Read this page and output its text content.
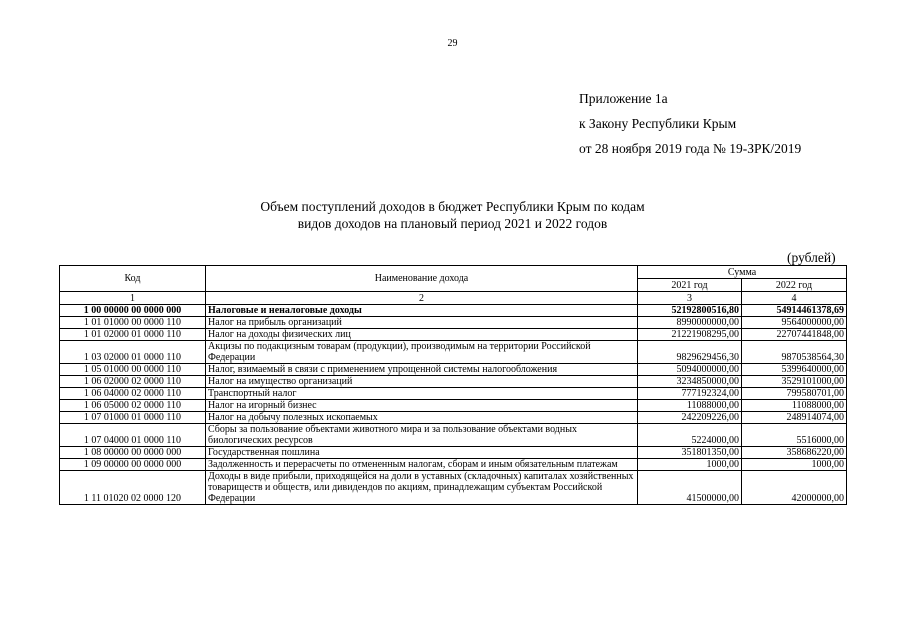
29
Приложение 1а
к Закону Республики Крым
от 28 ноября 2019 года № 19-ЗРК/2019
Объем поступлений доходов в бюджет Республики Крым по кодам
видов доходов на плановый период 2021 и 2022 годов
(рублей)
Код	Наименование дохода	Сумма	
		2021 год	2022 год
1	2	3	4
1 00 00000 00 0000 000	Налоговые и неналоговые доходы	52192800516,80	54914461378,69
1 01 01000 00 0000 110	Налог на прибыль организаций	8990000000,00	9564000000,00
1 01 02000 01 0000 110	Налог на доходы физических лиц	21221908295,00	22707441848,00
1 03 02000 01 0000 110	Акцизы по подакцизным товарам (продукции), производимым на территории Российской Федерации	9829629456,30	9870538564,30
1 05 01000 00 0000 110	Налог, взимаемый в связи с применением упрощенной системы налогообложения	5094000000,00	5399640000,00
1 06 02000 02 0000 110	Налог на имущество организаций	3234850000,00	3529101000,00
1 06 04000 02 0000 110	Транспортный налог	777192324,00	799580701,00
1 06 05000 02 0000 110	Налог на игорный бизнес	11088000,00	11088000,00
1 07 01000 01 0000 110	Налог на добычу полезных ископаемых	242209226,00	248914074,00
1 07 04000 01 0000 110	Сборы за пользование объектами животного мира и за пользование объектами водных биологических ресурсов	5224000,00	5516000,00
1 08 00000 00 0000 000	Государственная пошлина	351801350,00	358686220,00
1 09 00000 00 0000 000	Задолженность и перерасчеты по отмененным налогам, сборам и иным обязательным платежам	1000,00	1000,00
1 11 01020 02 0000 120	Доходы в виде прибыли, приходящейся на доли в уставных (складочных) капиталах хозяйственных товариществ и обществ, или дивидендов по акциям, принадлежащим субъектам Российской Федерации	41500000,00	42000000,00
